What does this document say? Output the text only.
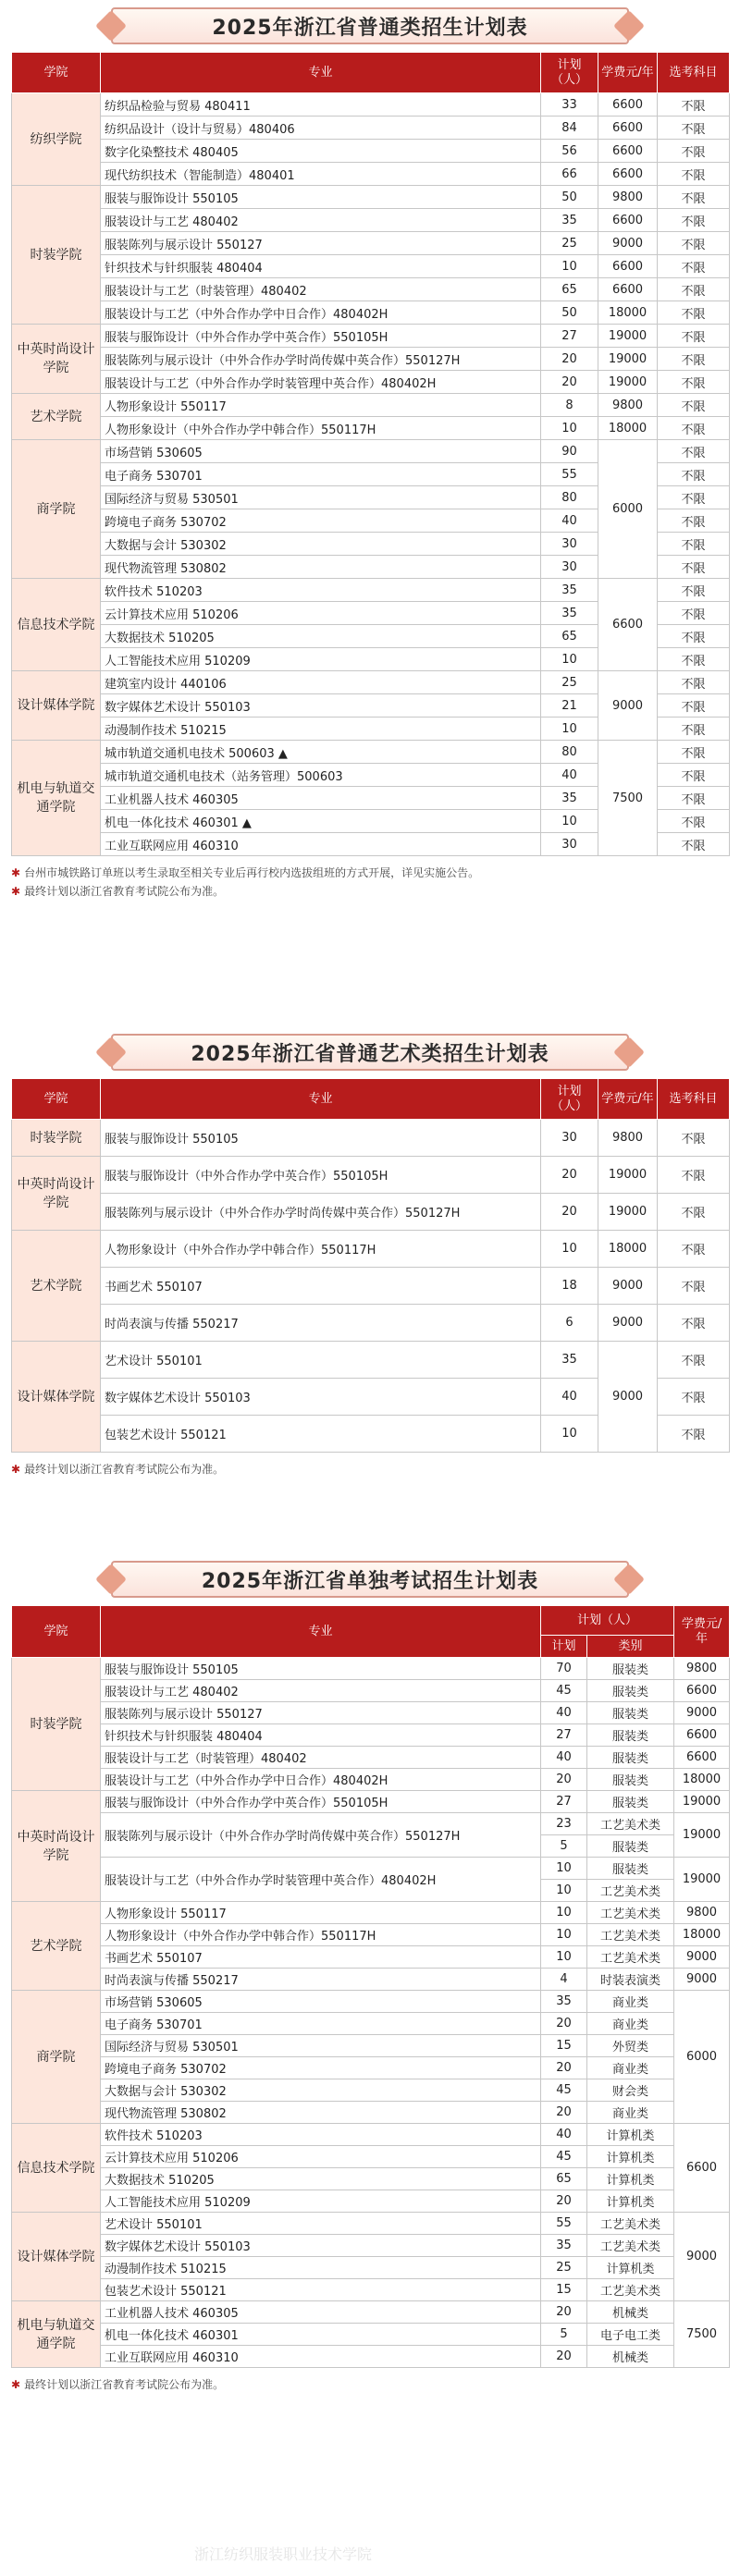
2025年浙江省普通类招生计划表
学院	专业	计划（人）	学费元/年	选考科目
纺织学院	纺织品检验与贸易 480411	33	6600	不限
	纺织品设计（设计与贸易）480406	84	6600	不限
	数字化染整技术 480405	56	6600	不限
	现代纺织技术（智能制造）480401	66	6600	不限
时装学院	服装与服饰设计 550105	50	9800	不限
	服装设计与工艺 480402	35	6600	不限
	服装陈列与展示设计 550127	25	9000	不限
	针织技术与针织服装 480404	10	6600	不限
	服装设计与工艺（时装管理）480402	65	6600	不限
	服装设计与工艺（中外合作办学中日合作）480402H	50	18000	不限
中英时尚设计学院	服装与服饰设计（中外合作办学中英合作）550105H	27	19000	不限
	服装陈列与展示设计（中外合作办学时尚传媒中英合作）550127H	20	19000	不限
	服装设计与工艺（中外合作办学时装管理中英合作）480402H	20	19000	不限
艺术学院	人物形象设计 550117	8	9800	不限
	人物形象设计（中外合作办学中韩合作）550117H	10	18000	不限
商学院	市场营销 530605	90	6000	不限
	电子商务 530701	55		不限
	国际经济与贸易 530501	80		不限
	跨境电子商务 530702	40		不限
	大数据与会计 530302	30		不限
	现代物流管理 530802	30		不限
信息技术学院	软件技术 510203	35	6600	不限
	云计算技术应用 510206	35		不限
	大数据技术 510205	65		不限
	人工智能技术应用 510209	10		不限
设计媒体学院	建筑室内设计 440106	25	9000	不限
	数字媒体艺术设计 550103	21		不限
	动漫制作技术 510215	10		不限
机电与轨道交通学院	城市轨道交通机电技术 500603 ▲	80	7500	不限
	城市轨道交通机电技术（站务管理）500603	40		不限
	工业机器人技术 460305	35		不限
	机电一体化技术 460301 ▲	10		不限
	工业互联网应用 460310	30		不限
✱ 台州市城铁路订单班以考生录取至相关专业后再行校内选拔组班的方式开展，详见实施公告。
✱ 最终计划以浙江省教育考试院公布为准。
2025年浙江省普通艺术类招生计划表
学院	专业	计划（人）	学费元/年	选考科目
时装学院	服装与服饰设计 550105	30	9800	不限
中英时尚设计学院	服装与服饰设计（中外合作办学中英合作）550105H	20	19000	不限
	服装陈列与展示设计（中外合作办学时尚传媒中英合作）550127H	20	19000	不限
艺术学院	人物形象设计（中外合作办学中韩合作）550117H	10	18000	不限
	书画艺术 550107	18	9000	不限
	时尚表演与传播 550217	6	9000	不限
设计媒体学院	艺术设计 550101	35	9000	不限
	数字媒体艺术设计 550103	40		不限
	包装艺术设计 550121	10		不限
✱ 最终计划以浙江省教育考试院公布为准。
2025年浙江省单独考试招生计划表
学院	专业	计划（人）		学费元/年
		计划	类别	
时装学院	服装与服饰设计 550105	70	服装类	9800
	服装设计与工艺 480402	45	服装类	6600
	服装陈列与展示设计 550127	40	服装类	9000
	针织技术与针织服装 480404	27	服装类	6600
	服装设计与工艺（时装管理）480402	40	服装类	6600
	服装设计与工艺（中外合作办学中日合作）480402H	20	服装类	18000
中英时尚设计学院	服装与服饰设计（中外合作办学中英合作）550105H	27	服装类	19000
	服装陈列与展示设计（中外合作办学时尚传媒中英合作）550127H	23	工艺美术类	19000
		5	服装类	
	服装设计与工艺（中外合作办学时装管理中英合作）480402H	10	服装类	19000
		10	工艺美术类	
艺术学院	人物形象设计 550117	10	工艺美术类	9800
	人物形象设计（中外合作办学中韩合作）550117H	10	工艺美术类	18000
	书画艺术 550107	10	工艺美术类	9000
	时尚表演与传播 550217	4	时装表演类	9000
商学院	市场营销 530605	35	商业类	6000
	电子商务 530701	20	商业类	
	国际经济与贸易 530501	15	外贸类	
	跨境电子商务 530702	20	商业类	
	大数据与会计 530302	45	财会类	
	现代物流管理 530802	20	商业类	
信息技术学院	软件技术 510203	40	计算机类	6600
	云计算技术应用 510206	45	计算机类	
	大数据技术 510205	65	计算机类	
	人工智能技术应用 510209	20	计算机类	
设计媒体学院	艺术设计 550101	55	工艺美术类	9000
	数字媒体艺术设计 550103	35	工艺美术类	
	动漫制作技术 510215	25	计算机类	
	包装艺术设计 550121	15	工艺美术类	
机电与轨道交通学院	工业机器人技术 460305	20	机械类	7500
	机电一体化技术 460301	5	电子电工类	
	工业互联网应用 460310	20	机械类	
✱ 最终计划以浙江省教育考试院公布为准。
浙江纺织服装职业技术学院
